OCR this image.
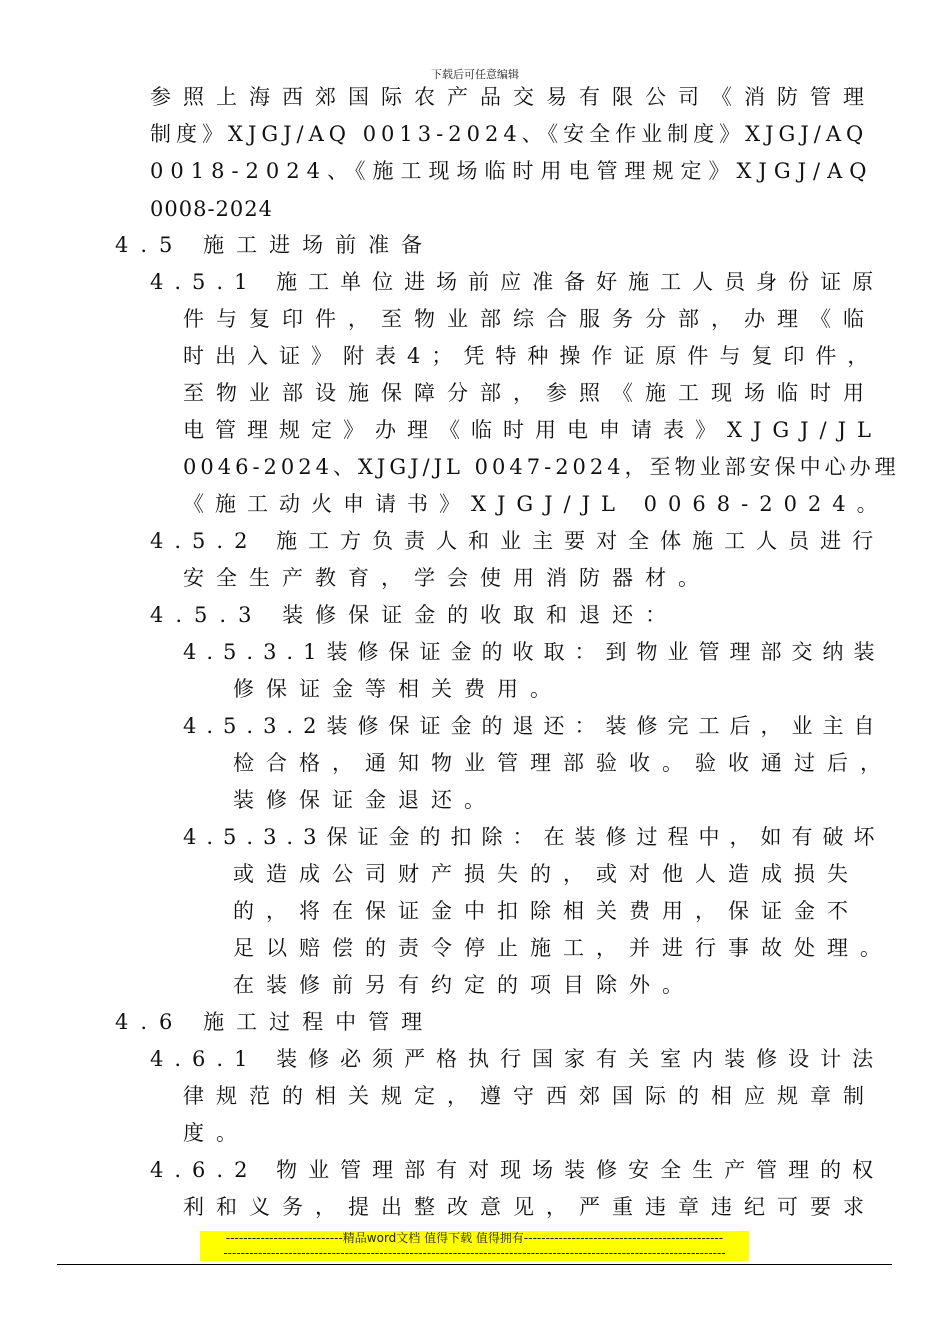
下载后可任意编辑
参照上海西郊国际农产品交易有限公司《消防管理
制度》XJGJ/AQ 0013-2024、《安全作业制度》XJGJ/AQ
0018-2024、《施工现场临时用电管理规定》XJGJ/AQ
0008-2024
4.5 施工进场前准备
4.5.1 施工单位进场前应准备好施工人员身份证原
件与复印件，至物业部综合服务分部，办理《临
时出入证》附表4；凭特种操作证原件与复印件，
至物业部设施保障分部，参照《施工现场临时用
电管理规定》办理《临时用电申请表》XJGJ/JL
0046-2024、XJGJ/JL 0047-2024，至物业部安保中心办理
《施工动火申请书》XJGJ/JL 0068-2024。
4.5.2 施工方负责人和业主要对全体施工人员进行
安全生产教育，学会使用消防器材。
4.5.3 装修保证金的收取和退还：
4.5.3.1装修保证金的收取：到物业管理部交纳装
修保证金等相关费用。
4.5.3.2装修保证金的退还：装修完工后，业主自
检合格，通知物业管理部验收。验收通过后，
装修保证金退还。
4.5.3.3保证金的扣除：在装修过程中，如有破坏
或造成公司财产损失的，或对他人造成损失
的，将在保证金中扣除相关费用，保证金不
足以赔偿的责令停止施工，并进行事故处理。
在装修前另有约定的项目除外。
4.6 施工过程中管理
4.6.1 装修必须严格执行国家有关室内装修设计法
律规范的相关规定，遵守西郊国际的相应规章制
度。
4.6.2 物业管理部有对现场装修安全生产管理的权
利和义务，提出整改意见，严重违章违纪可要求
---------------------------精品word文档 值得下载 值得拥有----------------------------------------------
--------------------------------------------------------------------------------------------------------------------
